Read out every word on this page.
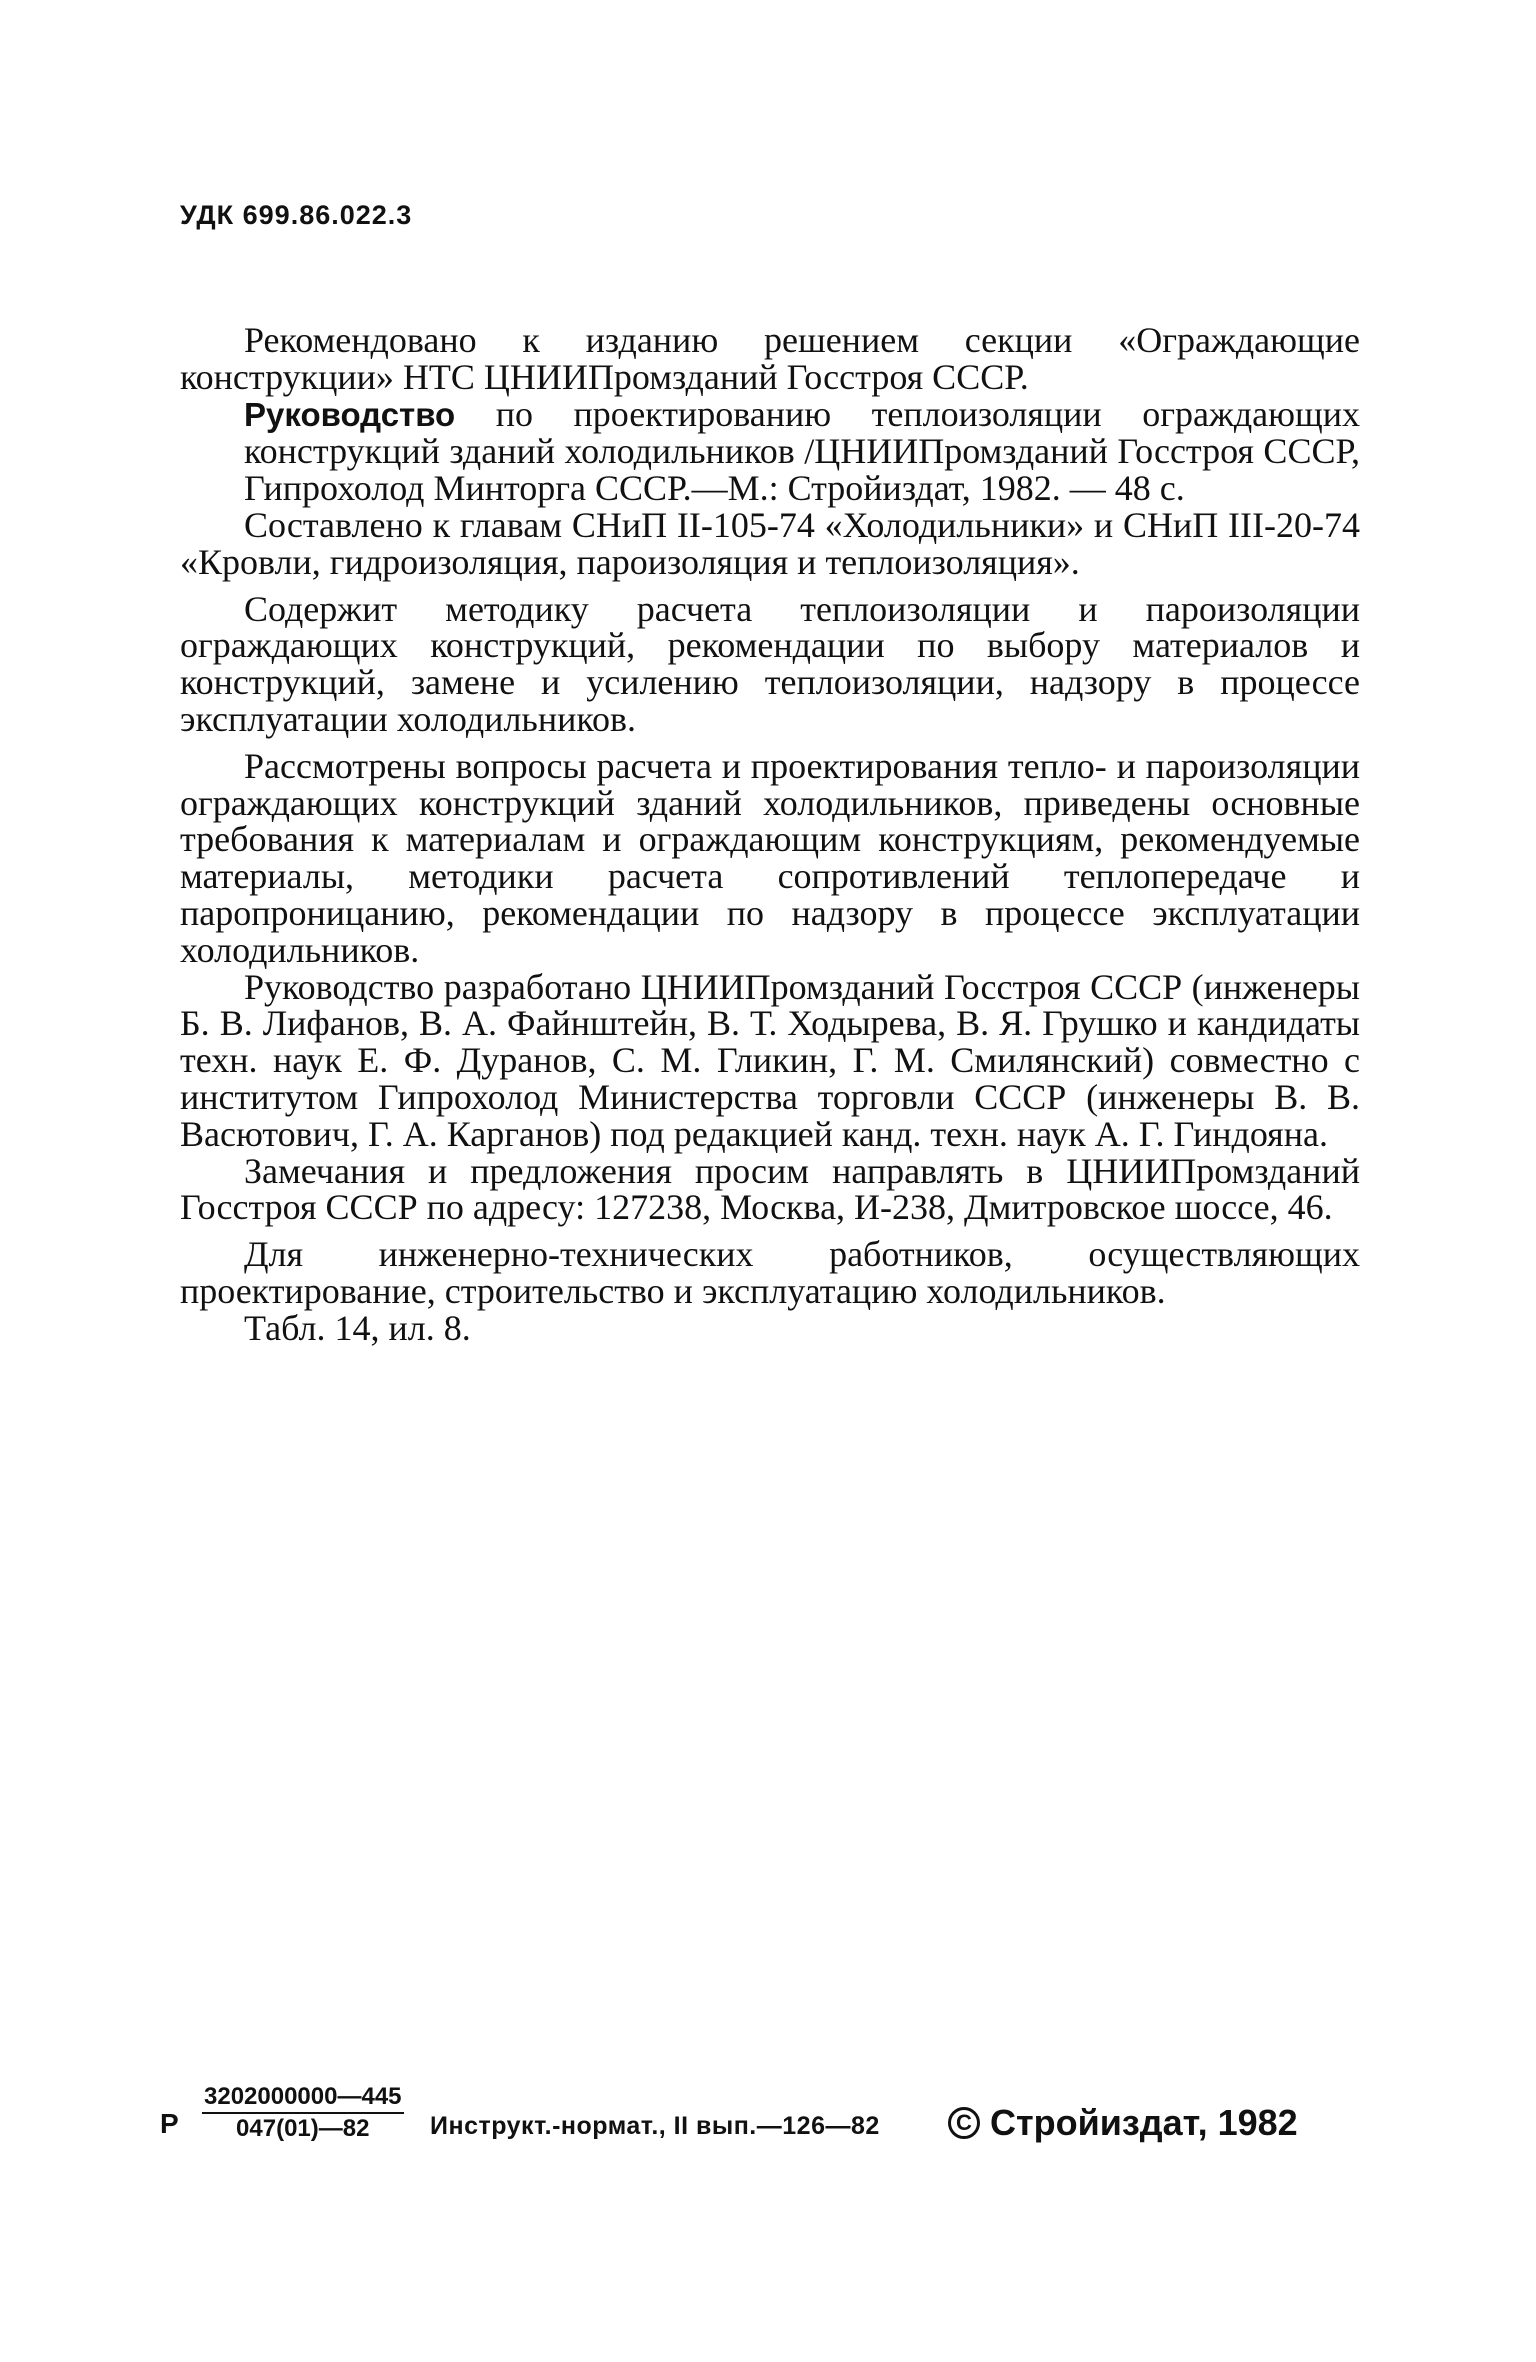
УДК 699.86.022.3

Рекомендовано к изданию решением секции «Ограждающие конструкции» НТС ЦНИИПромзданий Госстроя СССР.

Руководство по проектированию теплоизоляции ограждающих конструкций зданий холодильников /ЦНИИПромзданий Госстроя СССР, Гипрохолод Минторга СССР.—М.: Стройиздат, 1982. — 48 с.

Составлено к главам СНиП II-105-74 «Холодильники» и СНиП III-20-74 «Кровли, гидроизоляция, пароизоляция и теплоизоляция».

Содержит методику расчета теплоизоляции и пароизоляции ограждающих конструкций, рекомендации по выбору материалов и конструкций, замене и усилению теплоизоляции, надзору в процессе эксплуатации холодильников.

Рассмотрены вопросы расчета и проектирования тепло- и пароизоляции ограждающих конструкций зданий холодильников, приведены основные требования к материалам и ограждающим конструкциям, рекомендуемые материалы, методики расчета сопротивлений теплопередаче и паропроницанию, рекомендации по надзору в процессе эксплуатации холодильников.

Руководство разработано ЦНИИПромзданий Госстроя СССР (инженеры Б. В. Лифанов, В. А. Файнштейн, В. Т. Ходырева, В. Я. Грушко и кандидаты техн. наук Е. Ф. Дуранов, С. М. Гликин, Г. М. Смилянский) совместно с институтом Гипрохолод Министерства торговли СССР (инженеры В. В. Васютович, Г. А. Карганов) под редакцией канд. техн. наук А. Г. Гиндояна.

Замечания и предложения просим направлять в ЦНИИПромзданий Госстроя СССР по адресу: 127238, Москва, И-238, Дмитровское шоссе, 46.

Для инженерно-технических работников, осуществляющих проектирование, строительство и эксплуатацию холодильников.

Табл. 14, ил. 8.

Р $\frac{3202000000—445}{047(01)—82}$ Инструкт.-нормат., II вып.—126—82	C Стройиздат, 1982
